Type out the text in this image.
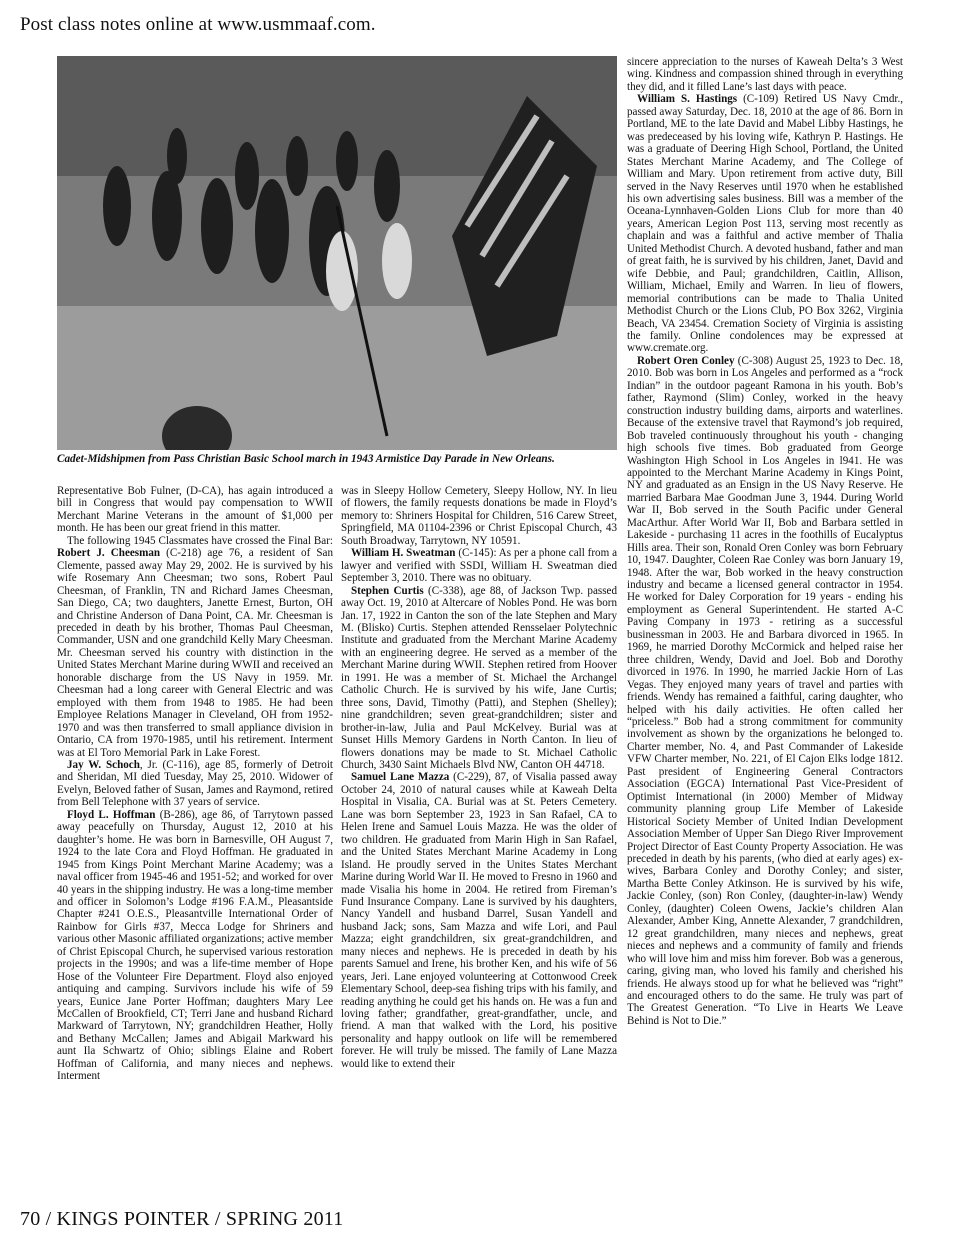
Post class notes online at www.usmmaaf.com.
Cadet-Midshipmen from Pass Christian Basic School march in 1943 Armistice Day Parade in New Orleans.

Representative Bob Fulner, (D-CA), has again introduced a bill in Congress that would pay compensation to WWII Merchant Marine Veterans in the amount of $1,000 per month. He has been our great friend in this matter.

The following 1945 Classmates have crossed the Final Bar: Robert J. Cheesman (C-218) age 76, a resident of San Clemente, passed away May 29, 2002. He is survived by his wife Rosemary Ann Cheesman; two sons, Robert Paul Cheesman, of Franklin, TN and Richard James Cheesman, San Diego, CA; two daughters, Janette Ernest, Burton, OH and Christine Anderson of Dana Point, CA. Mr. Cheesman is preceded in death by his brother, Thomas Paul Cheesman, Commander, USN and one grandchild Kelly Mary Cheesman. Mr. Cheesman served his country with distinction in the United States Merchant Marine during WWII and received an honorable discharge from the US Navy in 1959. Mr. Cheesman had a long career with General Electric and was employed with them from 1948 to 1985. He had been Employee Relations Manager in Cleveland, OH from 1952-1970 and was then transferred to small appliance division in Ontario, CA from 1970-1985, until his retirement. Interment was at El Toro Memorial Park in Lake Forest.

Jay W. Schoch, Jr. (C-116), age 85, formerly of Detroit and Sheridan, MI died Tuesday, May 25, 2010. Widower of Evelyn, Beloved father of Susan, James and Raymond, retired from Bell Telephone with 37 years of service.

Floyd L. Hoffman (B-286), age 86, of Tarrytown passed away peacefully on Thursday, August 12, 2010 at his daughter’s home. He was born in Barnesville, OH August 7, 1924 to the late Cora and Floyd Hoffman. He graduated in 1945 from Kings Point Merchant Marine Academy; was a naval officer from 1945-46 and 1951-52; and worked for over 40 years in the shipping industry. He was a long-time member and officer in Solomon’s Lodge #196 F.A.M., Pleasantside Chapter #241 O.E.S., Pleasantville International Order of Rainbow for Girls #37, Mecca Lodge for Shriners and various other Masonic affiliated organizations; active member of Christ Episcopal Church, he supervised various restoration projects in the 1990s; and was a life-time member of Hope Hose of the Volunteer Fire Department. Floyd also enjoyed antiquing and camping. Survivors include his wife of 59 years, Eunice Jane Porter Hoffman; daughters Mary Lee McCallen of Brookfield, CT; Terri Jane and husband Richard Markward of Tarrytown, NY; grandchildren Heather, Holly and Bethany McCallen; James and Abigail Markward his aunt Ila Schwartz of Ohio; siblings Elaine and Robert Hoffman of California, and many nieces and nephews. Interment

was in Sleepy Hollow Cemetery, Sleepy Hollow, NY. In lieu of flowers, the family requests donations be made in Floyd’s memory to: Shriners Hospital for Children, 516 Carew Street, Springfield, MA 01104-2396 or Christ Episcopal Church, 43 South Broadway, Tarrytown, NY 10591.

William H. Sweatman (C-145): As per a phone call from a lawyer and verified with SSDI, William H. Sweatman died September 3, 2010. There was no obituary.

Stephen Curtis (C-338), age 88, of Jackson Twp. passed away Oct. 19, 2010 at Altercare of Nobles Pond. He was born Jan. 17, 1922 in Canton the son of the late Stephen and Mary M. (Blisko) Curtis. Stephen attended Rensselaer Polytechnic Institute and graduated from the Merchant Marine Academy with an engineering degree. He served as a member of the Merchant Marine during WWII. Stephen retired from Hoover in 1991. He was a member of St. Michael the Archangel Catholic Church. He is survived by his wife, Jane Curtis; three sons, David, Timothy (Patti), and Stephen (Shelley); nine grandchildren; seven great-grandchildren; sister and brother-in-law, Julia and Paul McKelvey. Burial was at Sunset Hills Memory Gardens in North Canton. In lieu of flowers donations may be made to St. Michael Catholic Church, 3430 Saint Michaels Blvd NW, Canton OH 44718.

Samuel Lane Mazza (C-229), 87, of Visalia passed away October 24, 2010 of natural causes while at Kaweah Delta Hospital in Visalia, CA. Burial was at St. Peters Cemetery. Lane was born September 23, 1923 in San Rafael, CA to Helen Irene and Samuel Louis Mazza. He was the older of two children. He graduated from Marin High in San Rafael, and the United States Merchant Marine Academy in Long Island. He proudly served in the Unites States Merchant Marine during World War II. He moved to Fresno in 1960 and made Visalia his home in 2004. He retired from Fireman’s Fund Insurance Company. Lane is survived by his daughters, Nancy Yandell and husband Darrel, Susan Yandell and husband Jack; sons, Sam Mazza and wife Lori, and Paul Mazza; eight grandchildren, six great-grandchildren, and many nieces and nephews. He is preceded in death by his parents Samuel and Irene, his brother Ken, and his wife of 56 years, Jeri. Lane enjoyed volunteering at Cottonwood Creek Elementary School, deep-sea fishing trips with his family, and reading anything he could get his hands on. He was a fun and loving father; grandfather, great-grandfather, uncle, and friend. A man that walked with the Lord, his positive personality and happy outlook on life will be remembered forever. He will truly be missed. The family of Lane Mazza would like to extend their

sincere appreciation to the nurses of Kaweah Delta’s 3 West wing. Kindness and compassion shined through in everything they did, and it filled Lane’s last days with peace.

William S. Hastings (C-109) Retired US Navy Cmdr., passed away Saturday, Dec. 18, 2010 at the age of 86. Born in Portland, ME to the late David and Mabel Libby Hastings, he was predeceased by his loving wife, Kathryn P. Hastings. He was a graduate of Deering High School, Portland, the United States Merchant Marine Academy, and The College of William and Mary. Upon retirement from active duty, Bill served in the Navy Reserves until 1970 when he established his own advertising sales business. Bill was a member of the Oceana-Lynnhaven-Golden Lions Club for more than 40 years, American Legion Post 113, serving most recently as chaplain and was a faithful and active member of Thalia United Methodist Church. A devoted husband, father and man of great faith, he is survived by his children, Janet, David and wife Debbie, and Paul; grandchildren, Caitlin, Allison, William, Michael, Emily and Warren. In lieu of flowers, memorial contributions can be made to Thalia United Methodist Church or the Lions Club, PO Box 3262, Virginia Beach, VA 23454. Cremation Society of Virginia is assisting the family. Online condolences may be expressed at www.cremate.org.

Robert Oren Conley (C-308) August 25, 1923 to Dec. 18, 2010. Bob was born in Los Angeles and performed as a “rock Indian” in the outdoor pageant Ramona in his youth. Bob’s father, Raymond (Slim) Conley, worked in the heavy construction industry building dams, airports and waterlines. Because of the extensive travel that Raymond’s job required, Bob traveled continuously throughout his youth - changing high schools five times. Bob graduated from George Washington High School in Los Angeles in l941. He was appointed to the Merchant Marine Academy in Kings Point, NY and graduated as an Ensign in the US Navy Reserve. He married Barbara Mae Goodman June 3, 1944. During World War II, Bob served in the South Pacific under General MacArthur. After World War II, Bob and Barbara settled in Lakeside - purchasing 11 acres in the foothills of Eucalyptus Hills area. Their son, Ronald Oren Conley was born February 10, 1947. Daughter, Coleen Rae Conley was born January 19, 1948. After the war, Bob worked in the heavy construction industry and became a licensed general contractor in 1954. He worked for Daley Corporation for 19 years - ending his employment as General Superintendent. He started A-C Paving Company in 1973 - retiring as a successful businessman in 2003. He and Barbara divorced in 1965. In 1969, he married Dorothy McCormick and helped raise her three children, Wendy, David and Joel. Bob and Dorothy divorced in 1976. In 1990, he married Jackie Horn of Las Vegas. They enjoyed many years of travel and parties with friends. Wendy has remained a faithful, caring daughter, who helped with his daily activities. He often called her “priceless.” Bob had a strong commitment for community involvement as shown by the organizations he belonged to. Charter member, No. 4, and Past Commander of Lakeside VFW Charter member, No. 221, of El Cajon Elks lodge 1812. Past president of Engineering General Contractors Association (EGCA) International Past Vice-President of Optimist International (in 2000) Member of Midway community planning group Life Member of Lakeside Historical Society Member of United Indian Development Association Member of Upper San Diego River Improvement Project Director of East County Property Association. He was preceded in death by his parents, (who died at early ages) ex-wives, Barbara Conley and Dorothy Conley; and sister, Martha Bette Conley Atkinson. He is survived by his wife, Jackie Conley, (son) Ron Conley, (daughter-in-law) Wendy Conley, (daughter) Coleen Owens, Jackie’s children Alan Alexander, Amber King, Annette Alexander, 7 grandchildren, 12 great grandchildren, many nieces and nephews, great nieces and nephews and a community of family and friends who will love him and miss him forever. Bob was a generous, caring, giving man, who loved his family and cherished his friends. He always stood up for what he believed was “right” and encouraged others to do the same. He truly was part of The Greatest Generation. “To Live in Hearts We Leave Behind is Not to Die.”

70 / KINGS POINTER / SPRING 2011
